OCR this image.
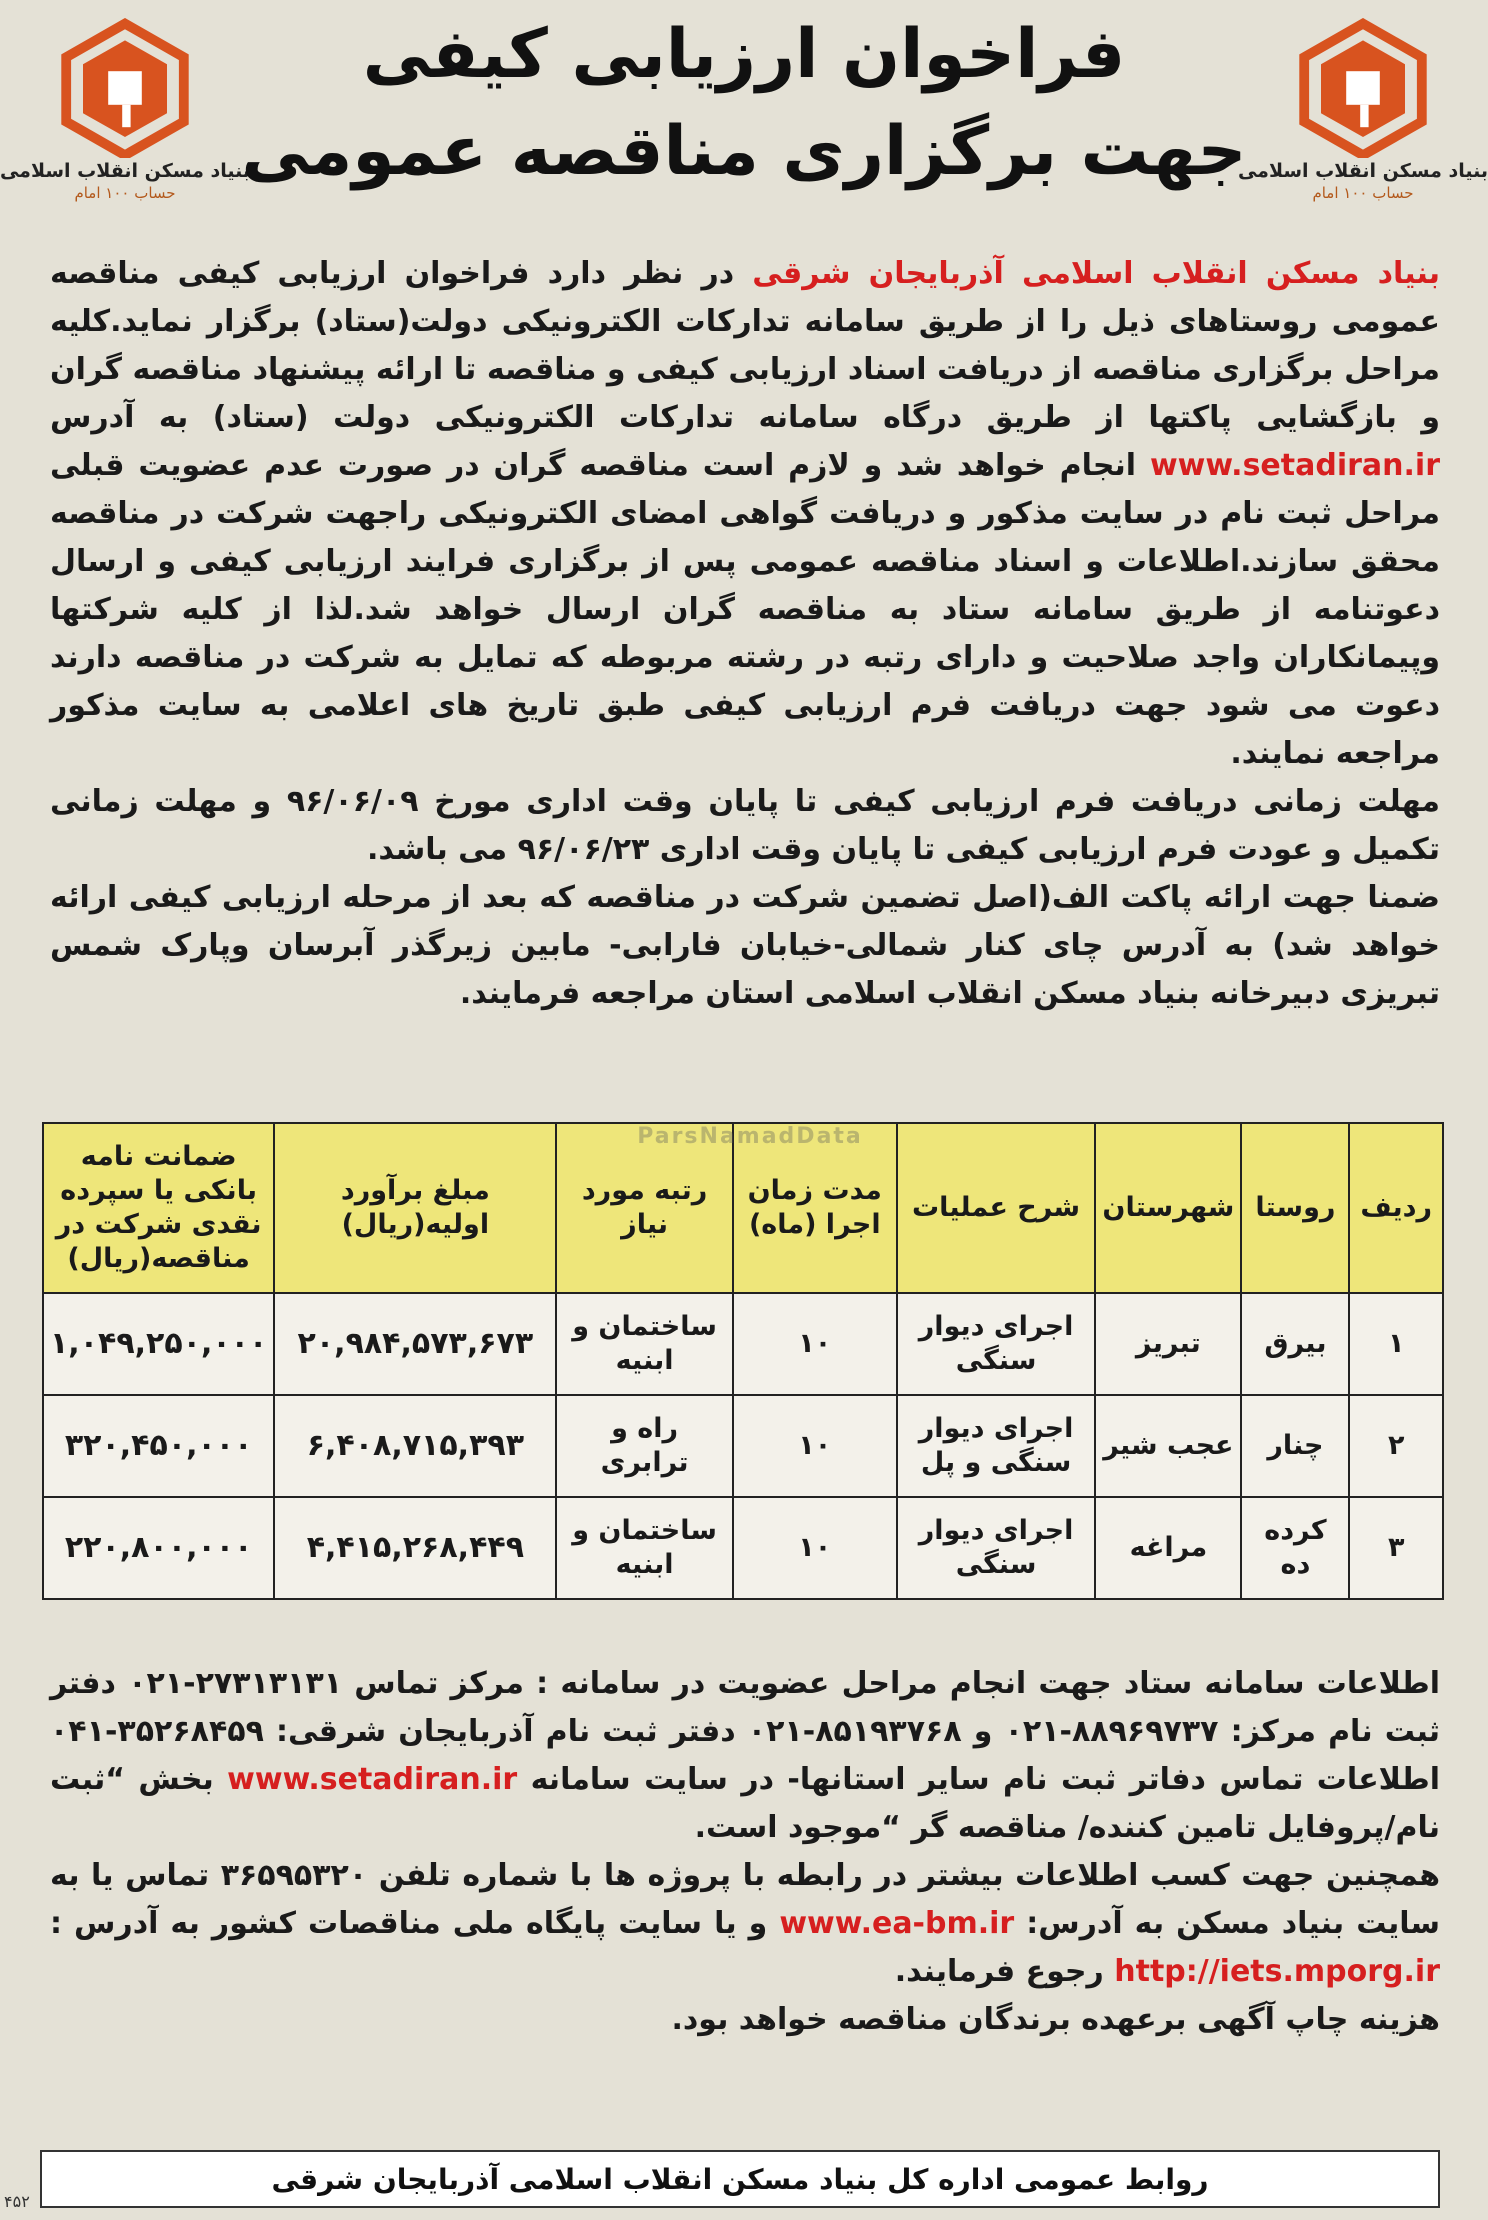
بنیاد مسکن انقلاب اسلامی
حساب ۱۰۰ امام
بنیاد مسکن انقلاب اسلامی
حساب ۱۰۰ امام
فراخوان ارزیابی کیفی
جهت برگزاری مناقصه عمومی

بنیاد مسکن انقلاب اسلامی آذربایجان شرقی در نظر دارد فراخوان ارزیابی کیفی مناقصه عمومی روستاهای ذیل را از طریق سامانه تدارکات الکترونیکی دولت(ستاد) برگزار نماید.کلیه مراحل برگزاری مناقصه از دریافت اسناد ارزیابی کیفی و مناقصه تا ارائه پیشنهاد مناقصه گران و بازگشایی پاکتها از طریق درگاه سامانه تدارکات الکترونیکی دولت (ستاد) به آدرس www.setadiran.ir انجام خواهد شد و لازم است مناقصه گران در صورت عدم عضویت قبلی مراحل ثبت نام در سایت مذکور و دریافت گواهی امضای الکترونیکی راجهت شرکت در مناقصه محقق سازند.اطلاعات و اسناد مناقصه عمومی پس از برگزاری فرایند ارزیابی کیفی و ارسال دعوتنامه از طریق سامانه ستاد به مناقصه گران ارسال خواهد شد.لذا از کلیه شرکتها وپیمانکاران واجد صلاحیت و دارای رتبه در رشته مربوطه که تمایل به شرکت در مناقصه دارند دعوت می شود جهت دریافت فرم ارزیابی کیفی طبق تاریخ های اعلامی به سایت مذکور مراجعه نمایند.

مهلت زمانی دریافت فرم ارزیابی کیفی تا پایان وقت اداری مورخ ۹۶/۰۶/۰۹ و مهلت زمانی تکمیل و عودت فرم ارزیابی کیفی تا پایان وقت اداری ۹۶/۰۶/۲۳ می باشد.

ضمنا جهت ارائه پاکت الف(اصل تضمین شرکت در مناقصه که بعد از مرحله ارزیابی کیفی ارائه خواهد شد) به آدرس چای کنار شمالی-خیابان فارابی- مابین زیرگذر آبرسان وپارک شمس تبریزی دبیرخانه بنیاد مسکن انقلاب اسلامی استان مراجعه فرمایند.

ردیف	روستا	شهرستان	شرح عملیات	مدت زمان اجرا (ماه)	رتبه مورد نیاز	مبلغ برآورد اولیه(ریال)	ضمانت نامه بانکی یا سپرده نقدی شرکت در مناقصه(ریال)
۱	بیرق	تبریز	اجرای دیوار سنگی	۱۰	ساختمان و ابنیه	۲۰,۹۸۴,۵۷۳,۶۷۳	۱,۰۴۹,۲۵۰,۰۰۰
۲	چنار	عجب شیر	اجرای دیوار سنگی و پل	۱۰	راه و ترابری	۶,۴۰۸,۷۱۵,۳۹۳	۳۲۰,۴۵۰,۰۰۰
۳	کرده ده	مراغه	اجرای دیوار سنگی	۱۰	ساختمان و ابنیه	۴,۴۱۵,۲۶۸,۴۴۹	۲۲۰,۸۰۰,۰۰۰
ParsNamadData

اطلاعات سامانه ستاد جهت انجام مراحل عضویت در سامانه : مرکز تماس ۲۷۳۱۳۱۳۱-۰۲۱ دفتر ثبت نام مرکز: ۸۸۹۶۹۷۳۷-۰۲۱ و ۸۵۱۹۳۷۶۸-۰۲۱ دفتر ثبت نام آذربایجان شرقی: ۳۵۲۶۸۴۵۹-۰۴۱ اطلاعات تماس دفاتر ثبت نام سایر استانها- در سایت سامانه www.setadiran.ir بخش “ثبت نام/پروفایل تامین کننده/ مناقصه گر “موجود است.

همچنین جهت کسب اطلاعات بیشتر در رابطه با پروژه ها با شماره تلفن ۳۶۵۹۵۳۲۰ تماس یا به سایت بنیاد مسکن به آدرس: www.ea-bm.ir و یا سایت پایگاه ملی مناقصات کشور به آدرس : http://iets.mporg.ir رجوع فرمایند.

هزینه چاپ آگهی برعهده برندگان مناقصه خواهد بود.

روابط عمومی اداره کل بنیاد مسکن انقلاب اسلامی آذربایجان شرقی
۴۵۲
